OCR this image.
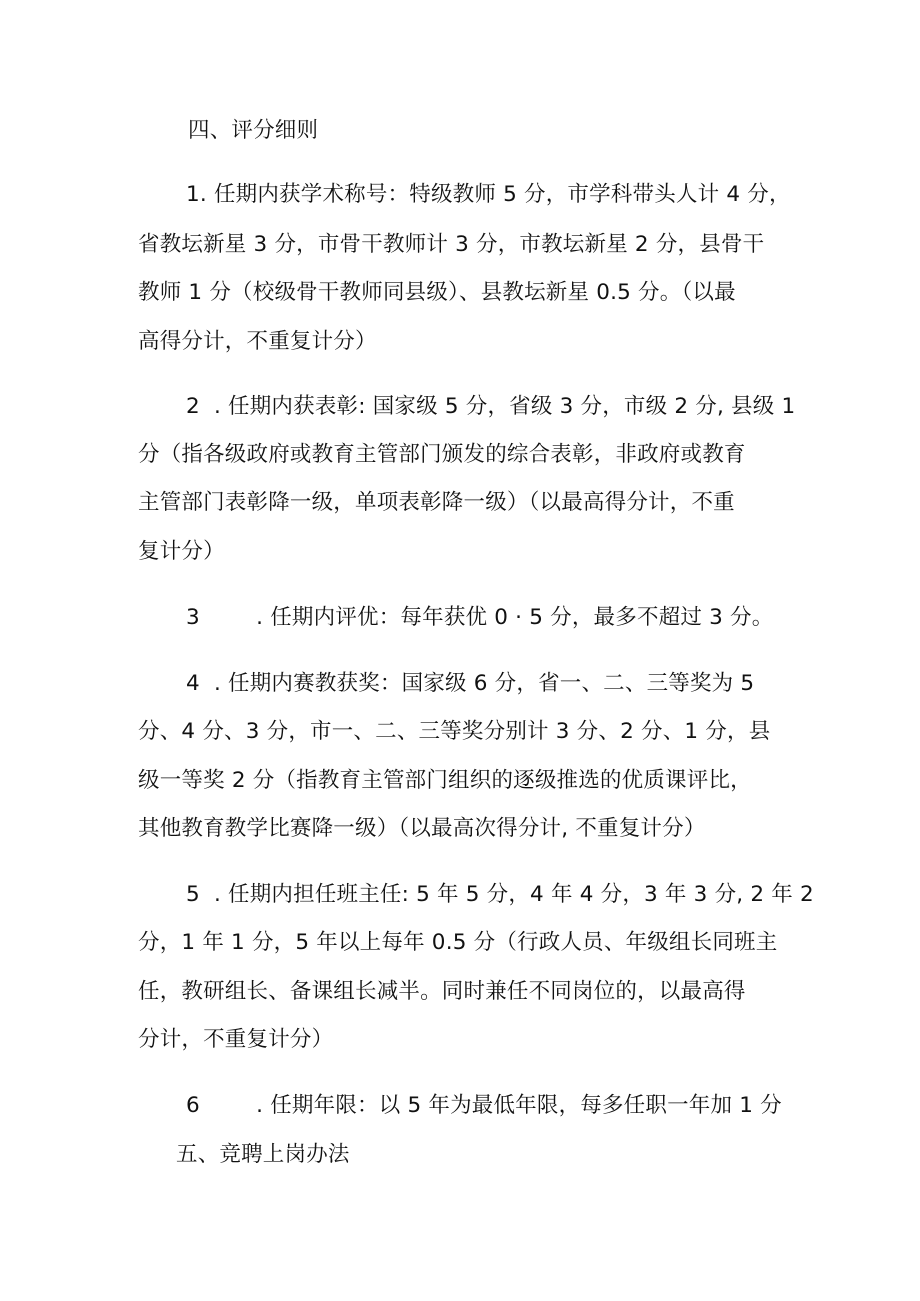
四、评分细则
1. 任期内获学术称号：特级教师 5 分，市学科带头人计 4 分，
省教坛新星 3 分，市骨干教师计 3 分，市教坛新星 2 分，县骨干
教师 1 分（校级骨干教师同县级）、县教坛新星 0.5 分。（以最
高得分计，不重复计分）
2  . 任期内获表彰: 国家级 5 分，省级 3 分，市级 2 分, 县级 1
分（指各级政府或教育主管部门颁发的综合表彰，非政府或教育
主管部门表彰降一级，单项表彰降一级）（以最高得分计，不重
复计分）
3        . 任期内评优：每年获优 0 · 5 分，最多不超过 3 分。
4  . 任期内赛教获奖：国家级 6 分，省一、二、三等奖为 5
分、4 分、3 分，市一、二、三等奖分别计 3 分、2 分、1 分，县
级一等奖 2 分（指教育主管部门组织的逐级推选的优质课评比，
其他教育教学比赛降一级）（以最高次得分计, 不重复计分）
5  . 任期内担任班主任: 5 年 5 分，4 年 4 分，3 年 3 分, 2 年 2
分，1 年 1 分，5 年以上每年 0.5 分（行政人员、年级组长同班主
任，教研组长、备课组长减半。同时兼任不同岗位的，以最高得
分计，不重复计分）
6        . 任期年限：以 5 年为最低年限，每多任职一年加 1 分
五、竞聘上岗办法
